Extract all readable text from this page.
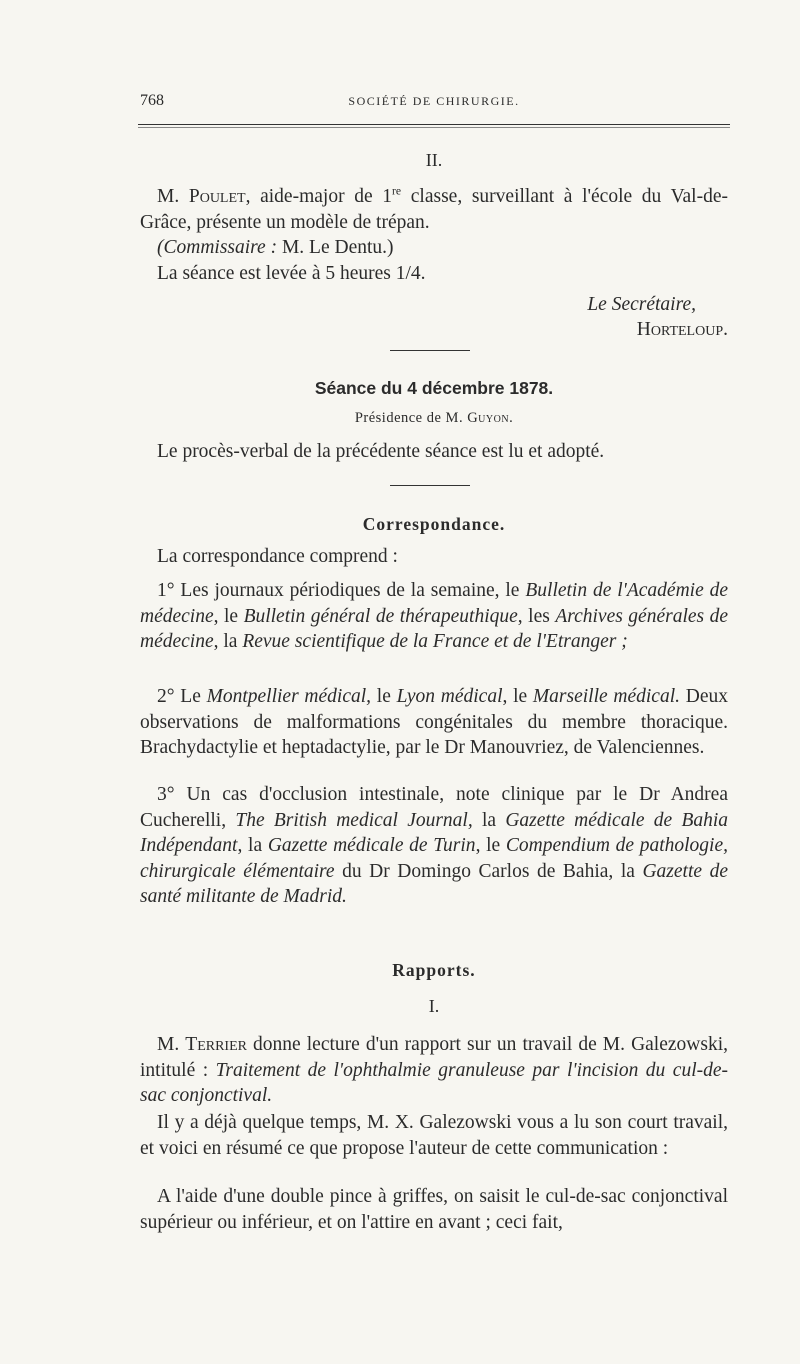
768	SOCIÉTÉ DE CHIRURGIE.
II.
M. Poulet, aide-major de 1re classe, surveillant à l'école du Val-de-Grâce, présente un modèle de trépan.
(Commissaire : M. Le Dentu.)
La séance est levée à 5 heures 1/4.
Le Secrétaire,
Horteloup.
Séance du 4 décembre 1878.
Présidence de M. Guyon.
Le procès-verbal de la précédente séance est lu et adopté.
Correspondance.
La correspondance comprend :
1° Les journaux périodiques de la semaine, le Bulletin de l'Académie de médecine, le Bulletin général de thérapeuthique, les Archives générales de médecine, la Revue scientifique de la France et de l'Etranger ;
2° Le Montpellier médical, le Lyon médical, le Marseille médical. Deux observations de malformations congénitales du membre thoracique. Brachydactylie et heptadactylie, par le Dr Manouvriez, de Valenciennes.
3° Un cas d'occlusion intestinale, note clinique par le Dr Andrea Cucherelli, The British medical Journal, la Gazette médicale de Bahia Indépendant, la Gazette médicale de Turin, le Compendium de pathologie, chirurgicale élémentaire du Dr Domingo Carlos de Bahia, la Gazette de santé militante de Madrid.
Rapports.
I.
M. Terrier donne lecture d'un rapport sur un travail de M. Galezowski, intitulé : Traitement de l'ophthalmie granuleuse par l'incision du cul-de-sac conjonctival.
Il y a déjà quelque temps, M. X. Galezowski vous a lu son court travail, et voici en résumé ce que propose l'auteur de cette communication :
A l'aide d'une double pince à griffes, on saisit le cul-de-sac conjonctival supérieur ou inférieur, et on l'attire en avant ; ceci fait,
